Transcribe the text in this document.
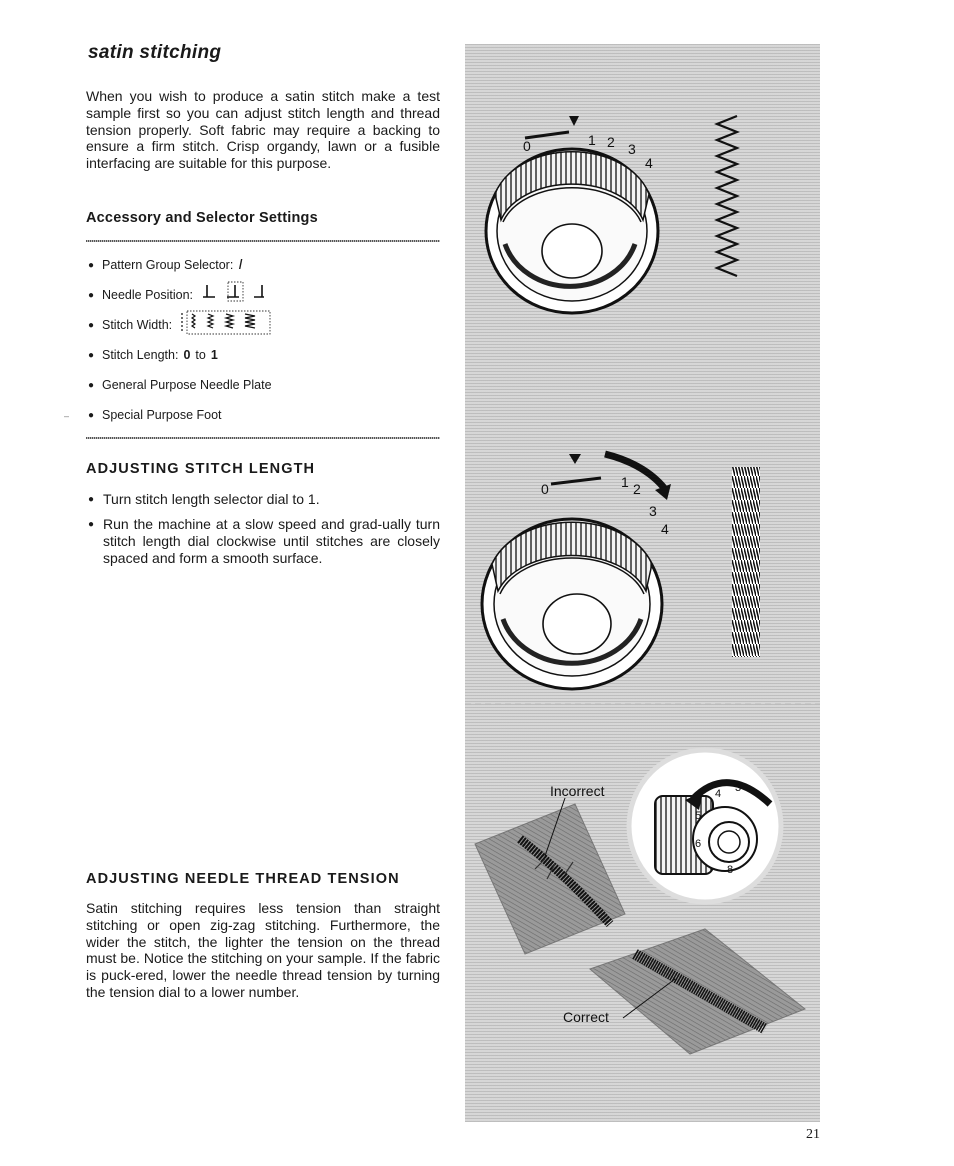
satin stitching
When you wish to produce a satin stitch make a test sample first so you can adjust stitch length and thread tension properly. Soft fabric may require a backing to ensure a firm stitch. Crisp organdy, lawn or a fusible interfacing are suitable for this purpose.
Accessory and Selector Settings
● Pattern Group Selector: I
● Needle Position:
● Stitch Width:
● Stitch Length: 0 to 1
● General Purpose Needle Plate
● Special Purpose Foot
–
ADJUSTING STITCH LENGTH
● Turn stitch length selector dial to 1.
● Run the machine at a slow speed and grad-ually turn stitch length dial clockwise until stitches are closely spaced and form a smooth surface.
ADJUSTING NEEDLE THREAD TENSION
Satin stitching requires less tension than straight stitching or open zig-zag stitching. Furthermore, the wider the stitch, the lighter the tension on the thread must be. Notice the stitching on your sample. If the fabric is puck-ered, lower the needle thread tension by turning the tension dial to a lower number.
0	1 2 3
4
0	1 2
3
4
4 3
5
6
8
Incorrect
Correct
21
